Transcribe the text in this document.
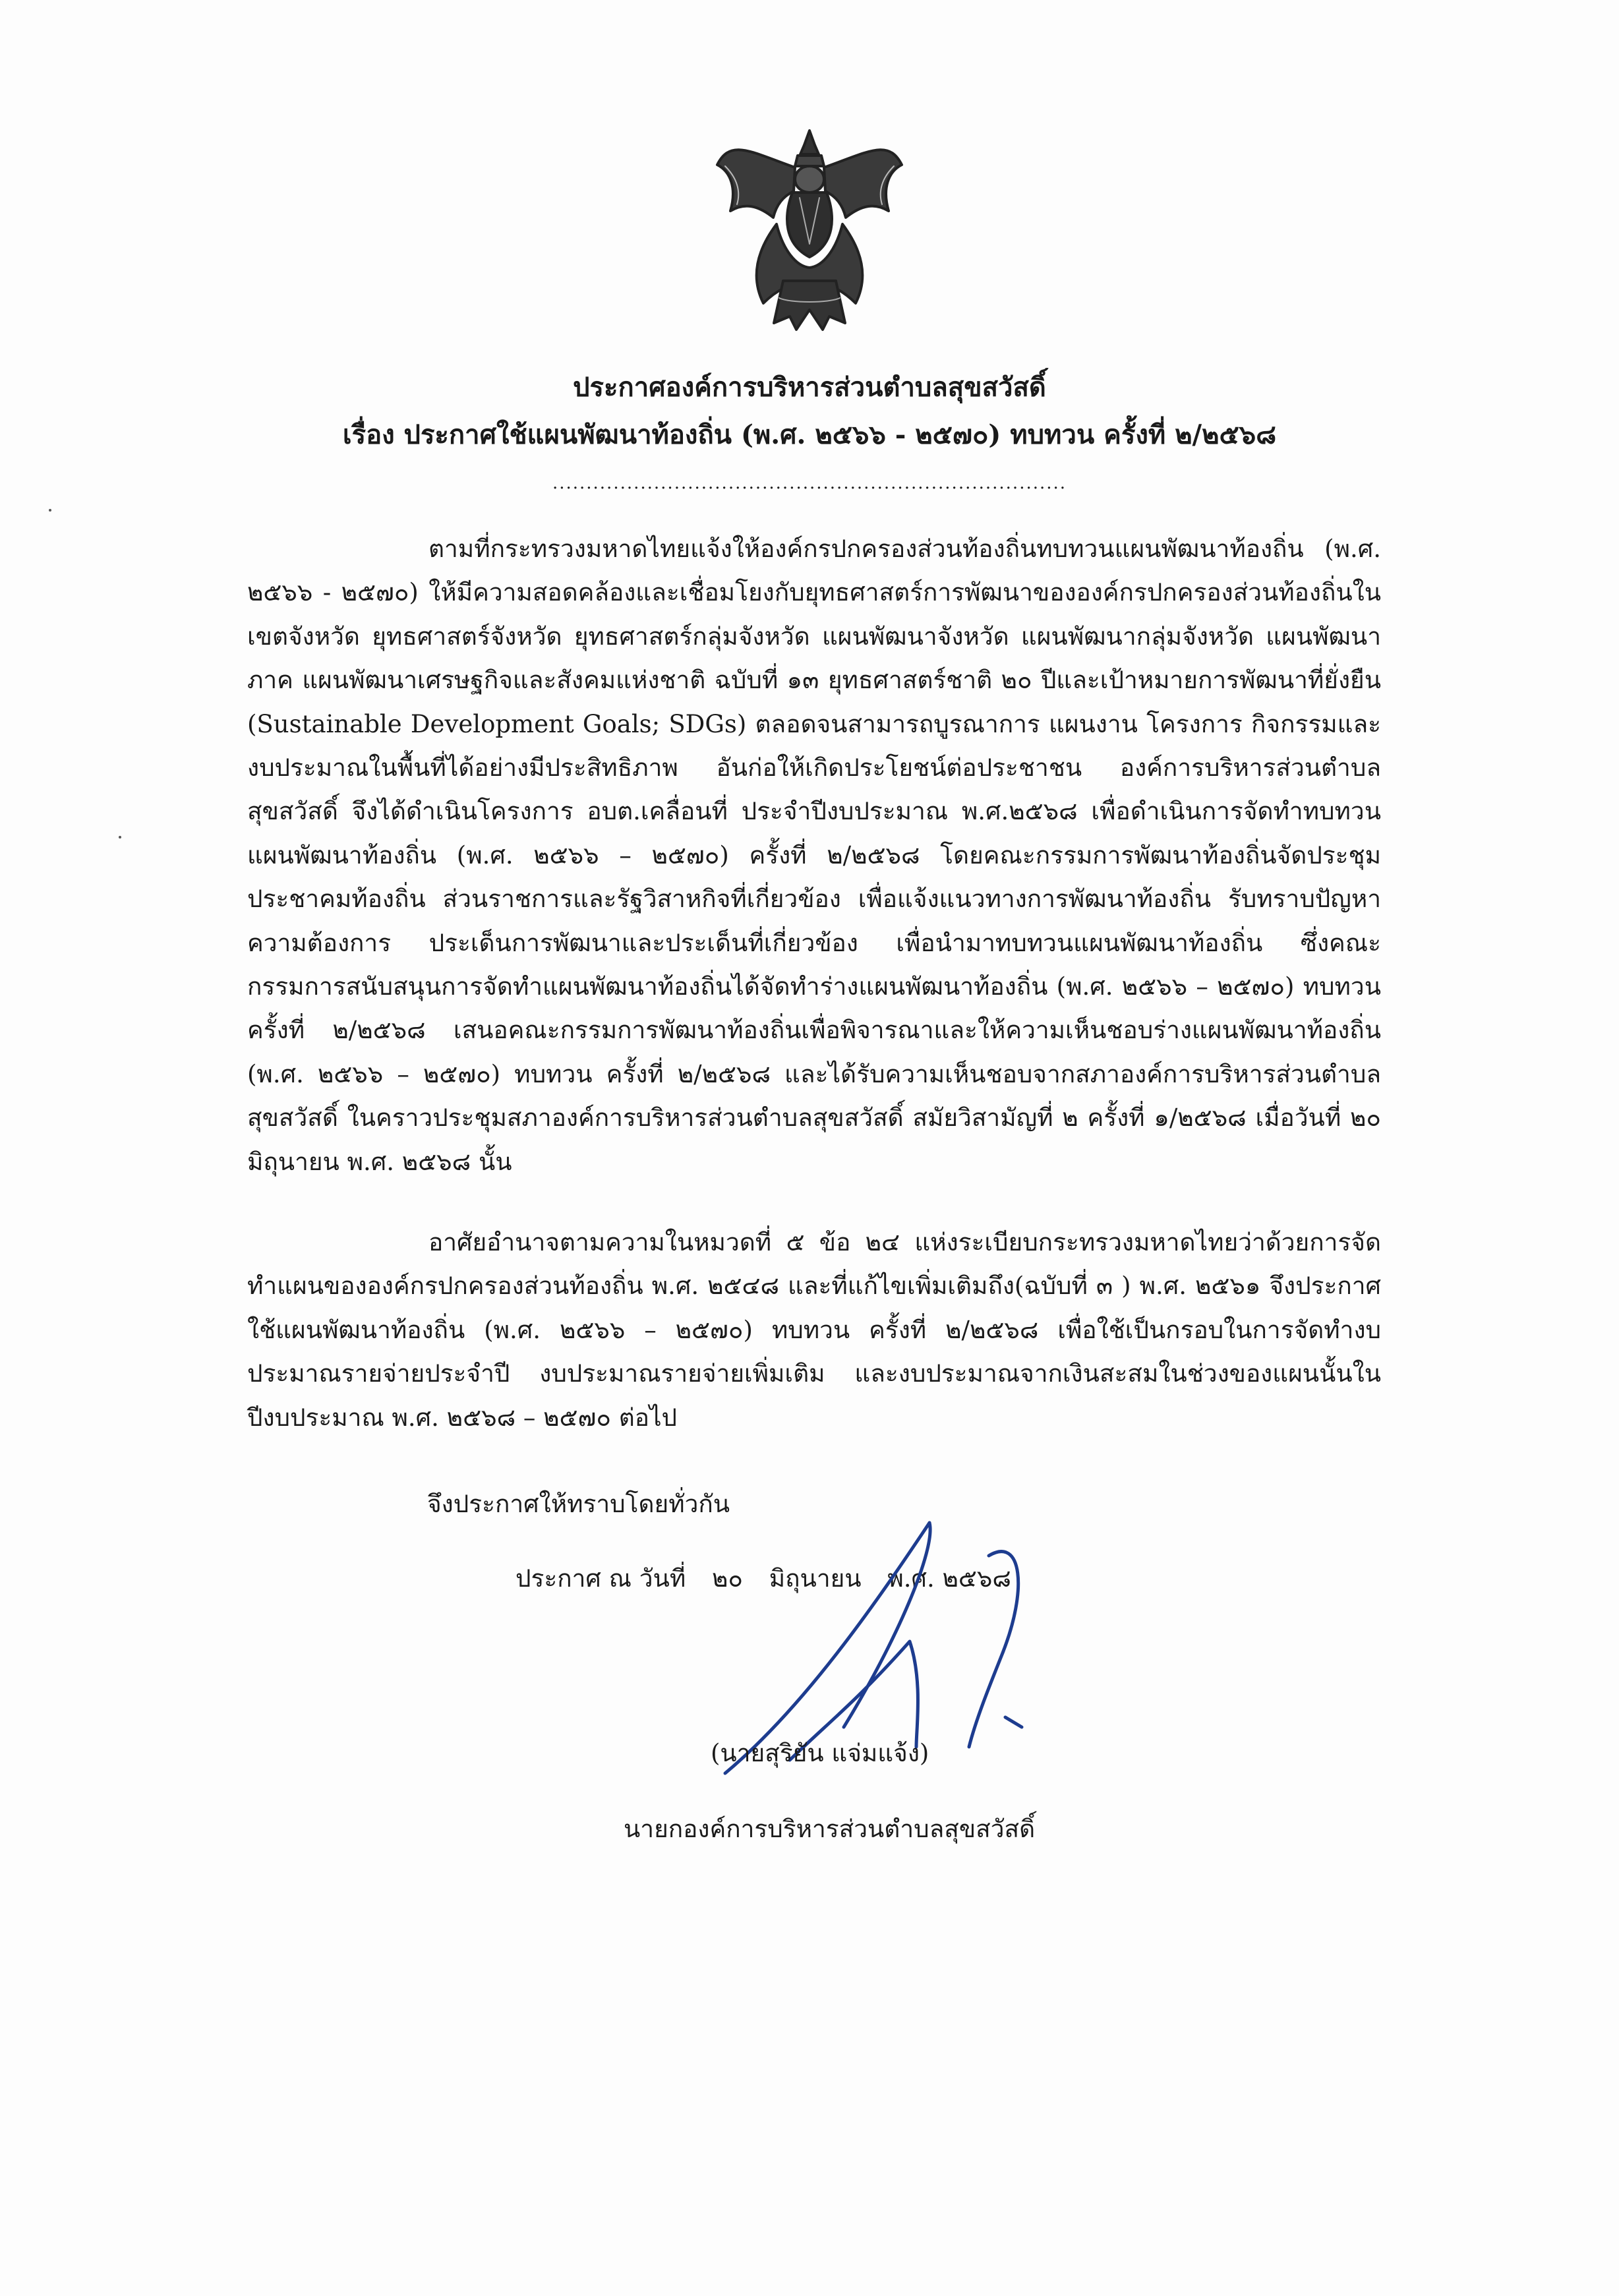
ประกาศองค์การบริหารส่วนตำบลสุขสวัสดิ์
เรื่อง ประกาศใช้แผนพัฒนาท้องถิ่น (พ.ศ. ๒๕๖๖ - ๒๕๗๐) ทบทวน ครั้งที่ ๒/๒๕๖๘
............................................................................

ตามที่กระทรวงมหาดไทยแจ้งให้องค์กรปกครองส่วนท้องถิ่นทบทวนแผนพัฒนาท้องถิ่น (พ.ศ. ๒๕๖๖ - ๒๕๗๐) ให้มีความสอดคล้องและเชื่อมโยงกับยุทธศาสตร์การพัฒนาขององค์กรปกครองส่วนท้องถิ่นในเขตจังหวัด ยุทธศาสตร์จังหวัด ยุทธศาสตร์กลุ่มจังหวัด แผนพัฒนาจังหวัด แผนพัฒนากลุ่มจังหวัด แผนพัฒนาภาค แผนพัฒนาเศรษฐกิจและสังคมแห่งชาติ ฉบับที่ ๑๓ ยุทธศาสตร์ชาติ ๒๐ ปีและเป้าหมายการพัฒนาที่ยั่งยืน (Sustainable Development Goals; SDGs) ตลอดจนสามารถบูรณาการ แผนงาน โครงการ กิจกรรมและงบประมาณในพื้นที่ได้อย่างมีประสิทธิภาพ อันก่อให้เกิดประโยชน์ต่อประชาชน องค์การบริหารส่วนตำบลสุขสวัสดิ์ จึงได้ดำเนินโครงการ อบต.เคลื่อนที่ ประจำปีงบประมาณ พ.ศ.๒๕๖๘ เพื่อดำเนินการจัดทำทบทวนแผนพัฒนาท้องถิ่น (พ.ศ. ๒๕๖๖ – ๒๕๗๐) ครั้งที่ ๒/๒๕๖๘ โดยคณะกรรมการพัฒนาท้องถิ่นจัดประชุมประชาคมท้องถิ่น ส่วนราชการและรัฐวิสาหกิจที่เกี่ยวข้อง เพื่อแจ้งแนวทางการพัฒนาท้องถิ่น รับทราบปัญหาความต้องการ ประเด็นการพัฒนาและประเด็นที่เกี่ยวข้อง เพื่อนำมาทบทวนแผนพัฒนาท้องถิ่น ซึ่งคณะกรรมการสนับสนุนการจัดทำแผนพัฒนาท้องถิ่นได้จัดทำร่างแผนพัฒนาท้องถิ่น (พ.ศ. ๒๕๖๖ – ๒๕๗๐) ทบทวน ครั้งที่ ๒/๒๕๖๘ เสนอคณะกรรมการพัฒนาท้องถิ่นเพื่อพิจารณาและให้ความเห็นชอบร่างแผนพัฒนาท้องถิ่น (พ.ศ. ๒๕๖๖ – ๒๕๗๐) ทบทวน ครั้งที่ ๒/๒๕๖๘ และได้รับความเห็นชอบจากสภาองค์การบริหารส่วนตำบลสุขสวัสดิ์ ในคราวประชุมสภาองค์การบริหารส่วนตำบลสุขสวัสดิ์ สมัยวิสามัญที่ ๒ ครั้งที่ ๑/๒๕๖๘ เมื่อวันที่ ๒๐ มิถุนายน พ.ศ. ๒๕๖๘ นั้น

อาศัยอำนาจตามความในหมวดที่ ๕ ข้อ ๒๔ แห่งระเบียบกระทรวงมหาดไทยว่าด้วยการจัดทำแผนขององค์กรปกครองส่วนท้องถิ่น พ.ศ. ๒๕๔๘ และที่แก้ไขเพิ่มเติมถึง(ฉบับที่ ๓ ) พ.ศ. ๒๕๖๑ จึงประกาศใช้แผนพัฒนาท้องถิ่น (พ.ศ. ๒๕๖๖ – ๒๕๗๐) ทบทวน ครั้งที่ ๒/๒๕๖๘ เพื่อใช้เป็นกรอบในการจัดทำงบประมาณรายจ่ายประจำปี งบประมาณรายจ่ายเพิ่มเติม และงบประมาณจากเงินสะสมในช่วงของแผนนั้นในปีงบประมาณ พ.ศ. ๒๕๖๘ – ๒๕๗๐ ต่อไป

จึงประกาศให้ทราบโดยทั่วกัน
ประกาศ ณ วันที่ ๒๐ มิถุนายน พ.ศ. ๒๕๖๘
(นายสุริยัน แจ่มแจ้ง)
นายกองค์การบริหารส่วนตำบลสุขสวัสดิ์
